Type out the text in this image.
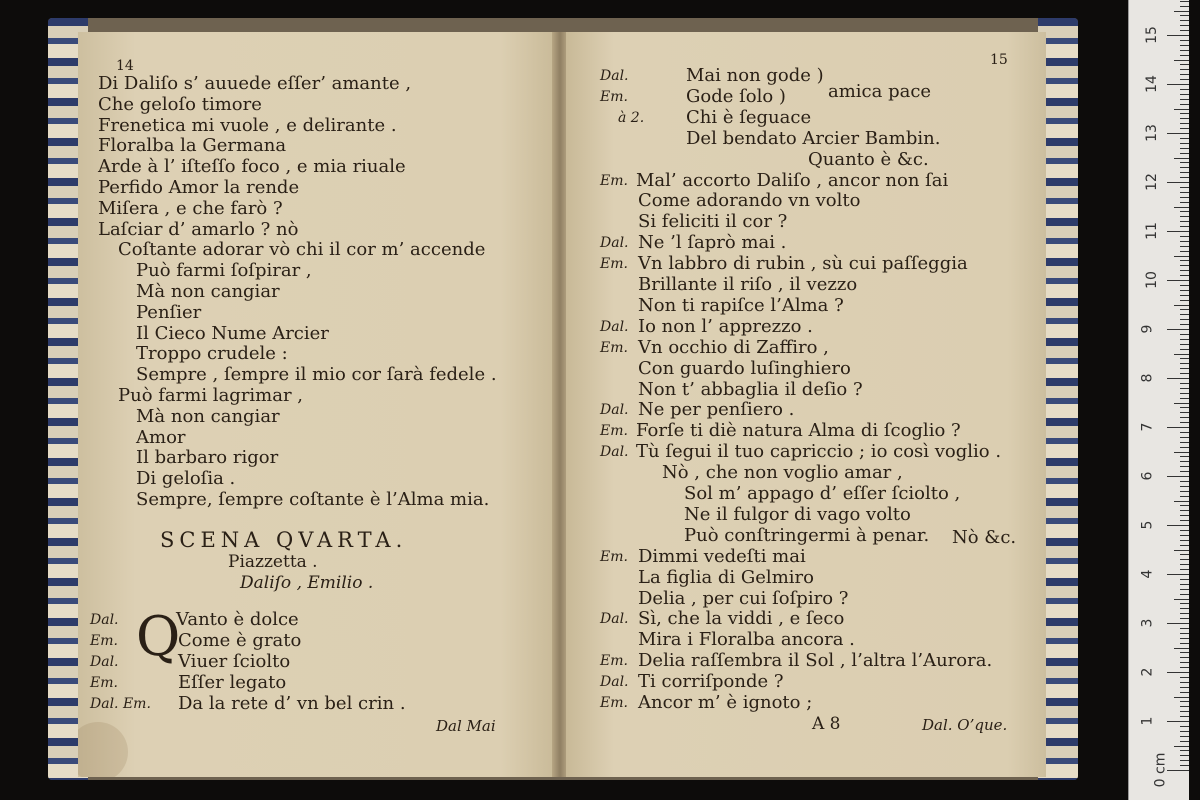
14
Di Daliſo s’ auuede eſſer’ amante ,
Che geloſo timore
Frenetica mi vuole , e delirante .
Floralba la Germana
Arde à l’ iſteſſo foco , e mia riuale
Perfido Amor la rende
Miſera , e che farò ?
Laſciar d’ amarlo ? nò
Coſtante adorar vò chi il cor m’ accende
Può farmi ſoſpirar ,
Mà non cangiar
Penſier
Il Cieco Nume Arcier
Troppo crudele :
Sempre , ſempre il mio cor ſarà fedele .
Può farmi lagrimar ,
Mà non cangiar
Amor
Il barbaro rigor
Di geloſia .
Sempre, ſempre coſtante è l’Alma mia.
SCENA QVARTA.
Piazzetta .
Daliſo , Emilio .
Q
Dal.	Vanto è dolce
Em.	Come è grato
Dal.	Viuer ſciolto
Em.	Eſſer legato
Dal. Em. Da la rete d’ vn bel crin .
Dal Mai
15
amica pace
Dal.	Mai non gode )
Em.	Gode ſolo )
à 2. Chi è ſeguace
Del bendato Arcier Bambin.
Quanto è &c.
Em. Mal’ accorto Daliſo , ancor non ſai
Come adorando vn volto
Si feliciti il cor ?
Dal. Ne ’l ſaprò mai .
Em. Vn labbro di rubin , sù cui paſſeggia
Brillante il riſo , il vezzo
Non ti rapiſce l’Alma ?
Dal. Io non l’ apprezzo .
Em. Vn occhio di Zaffiro ,
Con guardo luſinghiero
Non t’ abbaglia il deſio ?
Dal. Ne per penſiero .
Em. Forſe ti diè natura Alma di ſcoglio ?
Dal. Tù ſegui il tuo capriccio ; io così voglio .
Nò , che non voglio amar ,
Sol m’ appago d’ eſſer ſciolto ,
Ne il fulgor di vago volto
Può conſtringermi à penar.
Em. Dimmi vedeſti mai
La figlia di Gelmiro
Delia , per cui ſoſpiro ?
Dal. Sì, che la viddi , e ſeco
Mira i Floralba ancora .
Em. Delia raſſembra il Sol , l’altra l’Aurora.
Dal. Ti corriſponde ?
Em. Ancor m’ è ignoto ;
Nò &c.
A 8	Dal. O’que.
0 cm
1
2
3
4
5
6
7
8
9
10
11
12
13
14
15
